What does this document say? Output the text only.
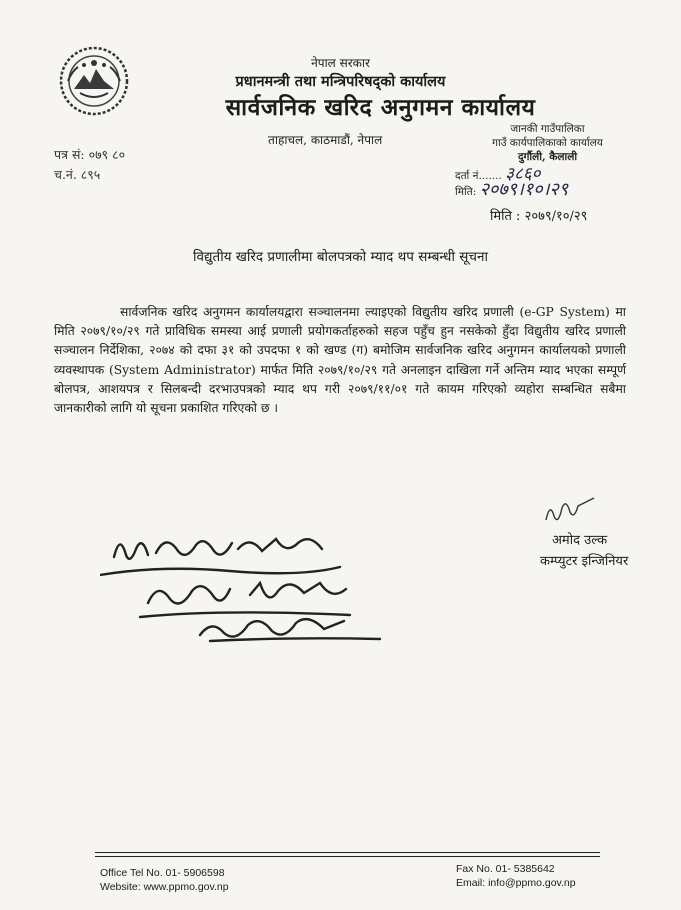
नेपाल सरकार
प्रधानमन्त्री तथा मन्त्रिपरिषद्को कार्यालय
सार्वजनिक खरिद अनुगमन कार्यालय
ताहाचल, काठमाडौं, नेपाल
पत्र सं: ०७९ ८०
च.नं. ८९५
जानकी गाउँपालिका
गाउँ कार्यपालिकाको कार्यालय
दुर्गौली, कैलाली
दर्ता नं....... ३८६०
मिति: २०७९।१०।२९
मिति : २०७९/१०/२९
विद्युतीय खरिद प्रणालीमा बोलपत्रको म्याद थप सम्बन्धी सूचना
सार्वजनिक खरिद अनुगमन कार्यालयद्वारा सञ्चालनमा ल्याइएको विद्युतीय खरिद प्रणाली (e-GP System) मा मिति २०७९/१०/२९ गते प्राविधिक समस्या आई प्रणाली प्रयोगकर्ताहरुको सहज पहुँच हुन नसकेको हुँदा विद्युतीय खरिद प्रणाली सञ्चालन निर्देशिका, २०७४ को दफा ३१ को उपदफा १ को खण्ड (ग) बमोजिम सार्वजनिक खरिद अनुगमन कार्यालयको प्रणाली व्यवस्थापक (System Administrator) मार्फत मिति २०७९/१०/२९ गते अनलाइन दाखिला गर्ने अन्तिम म्याद भएका सम्पूर्ण बोलपत्र, आशयपत्र र सिलबन्दी दरभाउपत्रको म्याद थप गरी २०७९/११/०१ गते कायम गरिएको व्यहोरा सम्बन्धित सबैमा जानकारीको लागि यो सूचना प्रकाशित गरिएको छ ।
अमोद उल्क
कम्प्युटर इन्जिनियर
Office Tel No. 01- 5906598
Website: www.ppmo.gov.np
Fax No. 01- 5385642
Email: info@ppmo.gov.np
